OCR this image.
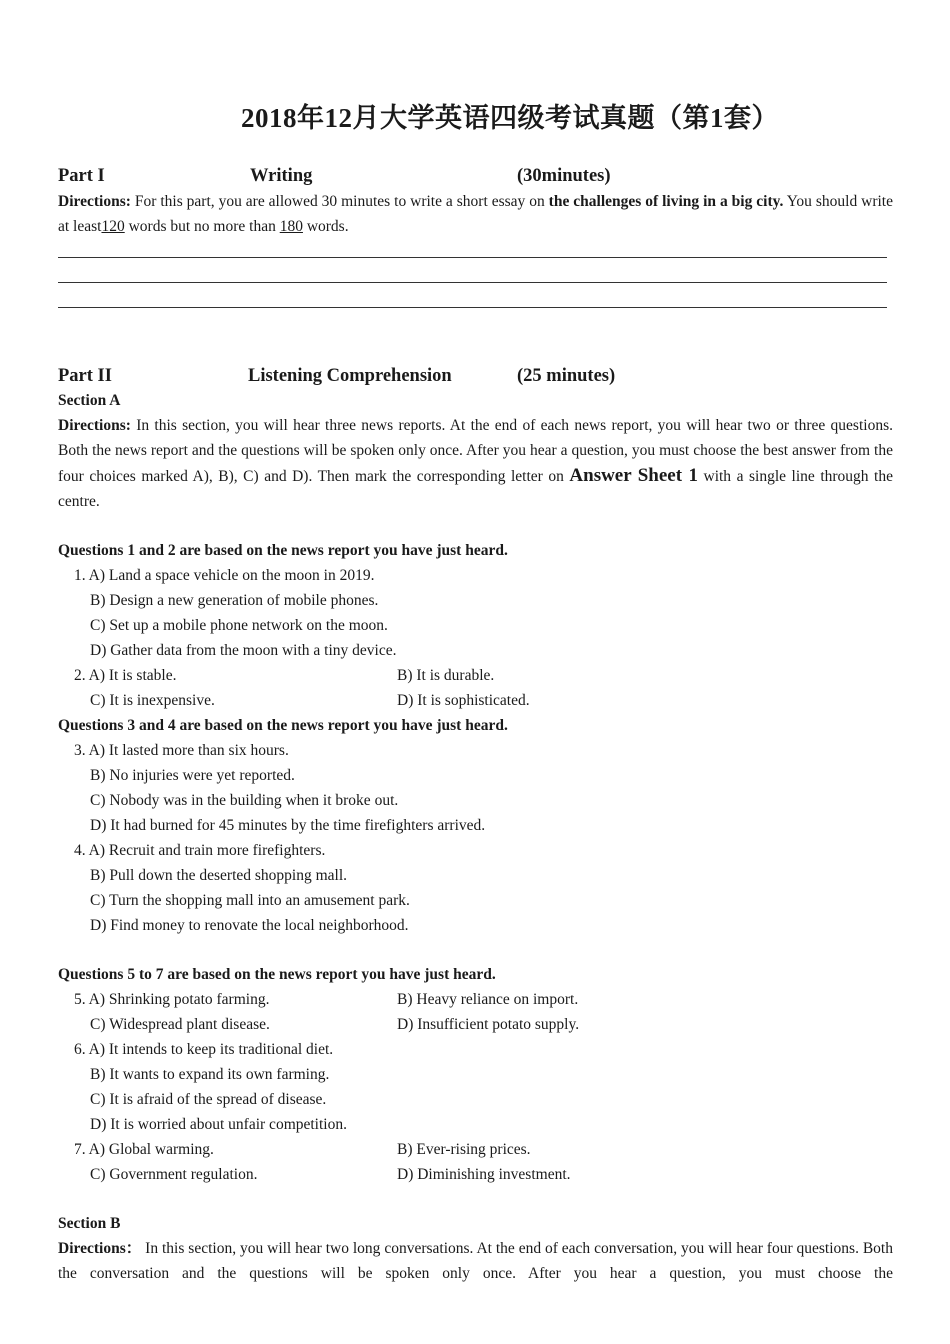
2018年12月大学英语四级考试真题（第1套）
Part I	Writing	(30minutes)
Directions: For this part, you are allowed 30 minutes to write a short essay on the challenges of living in a big city. You should write at least120 words but no more than 180 words.
Part II	Listening Comprehension	(25 minutes)
Section A
Directions: In this section, you will hear three news reports. At the end of each news report, you will hear two or three questions. Both the news report and the questions will be spoken only once. After you hear a question, you must choose the best answer from the four choices marked A), B), C) and D). Then mark the corresponding letter on Answer Sheet 1 with a single line through the centre.
Questions 1 and 2 are based on the news report you have just heard.
1. A) Land a space vehicle on the moon in 2019.
B) Design a new generation of mobile phones.
C) Set up a mobile phone network on the moon.
D) Gather data from the moon with a tiny device.
2. A) It is stable.	B) It is durable.
C) It is inexpensive.	D) It is sophisticated.
Questions 3 and 4 are based on the news report you have just heard.
3. A) It lasted more than six hours.
B) No injuries were yet reported.
C) Nobody was in the building when it broke out.
D) It had burned for 45 minutes by the time firefighters arrived.
4. A) Recruit and train more firefighters.
B) Pull down the deserted shopping mall.
C) Turn the shopping mall into an amusement park.
D) Find money to renovate the local neighborhood.
Questions 5 to 7 are based on the news report you have just heard.
5. A) Shrinking potato farming.	B) Heavy reliance on import.
C) Widespread plant disease.	D) Insufficient potato supply.
6. A) It intends to keep its traditional diet.
B) It wants to expand its own farming.
C) It is afraid of the spread of disease.
D) It is worried about unfair competition.
7. A) Global warming.	B) Ever-rising prices.
C) Government regulation.	D) Diminishing investment.
Section B
Directions： In this section, you will hear two long conversations. At the end of each conversation, you will hear four questions. Both the conversation and the questions will be spoken only once. After you hear a question, you must choose the
